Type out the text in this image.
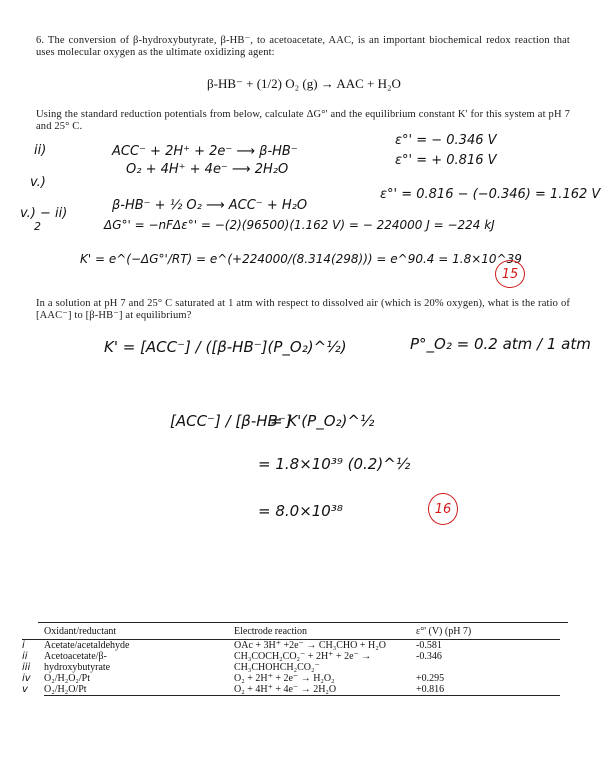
6. The conversion of β-hydroxybutyrate, β-HB⁻, to acetoacetate, AAC, is an important biochemical redox reaction that uses molecular oxygen as the ultimate oxidizing agent:
β-HB⁻ + (1/2) O₂ (g) → AAC + H₂O
Using the standard reduction potentials from below, calculate ΔG°' and the equilibrium constant K' for this system at pH 7 and 25° C.
ii)	ACC⁻ + 2H⁺ + 2e⁻ ⟶ β-HB⁻
ε°' = − 0.346 V
v.)
O₂ + 4H⁺ + 4e⁻ ⟶ 2H₂O
ε°' = + 0.816 V
v.) − ii)
2
β-HB⁻ + ½ O₂ ⟶ ACC⁻ + H₂O
ε°' = 0.816 − (−0.346) = 1.162 V
ΔG°' = −nFΔε°' = −(2)(96500)(1.162 V) = − 224000 J = −224 kJ
K' = e^(−ΔG°'/RT) = e^(+224000/(8.314(298))) = e^90.4 = 1.8×10^39
15
In a solution at pH 7 and 25° C saturated at 1 atm with respect to dissolved air (which is 20% oxygen), what is the ratio of [AAC⁻] to [β-HB⁻] at equilibrium?
K' = [ACC⁻] / ([β-HB⁻](P_O₂)^½)	P°_O₂ = 0.2 atm / 1 atm
[ACC⁻] / [β-HB⁻]
= K'(P_O₂)^½
= 1.8×10³⁹ (0.2)^½
= 8.0×10³⁸	16
	Oxidant/reductant	Electrode reaction	ε°' (V) (pH 7)
i	Acetate/acetaldehyde	OAc + 3H⁺ +2e⁻ → CH₃CHO + H₂O	-0.581
ii	Acetoacetate/β-	CH₃COCH₂CO₂⁻ + 2H⁺ + 2e⁻ →	-0.346
iii	hydroxybutyrate	CH₃CHOHCH₂CO₂⁻	
iv	O₂/H₂O₂/Pt	O₂ + 2H⁺ + 2e⁻ → H₂O₂	+0.295
v	O₂/H₂O/Pt	O₂ + 4H⁺ + 4e⁻ → 2H₂O	+0.816
